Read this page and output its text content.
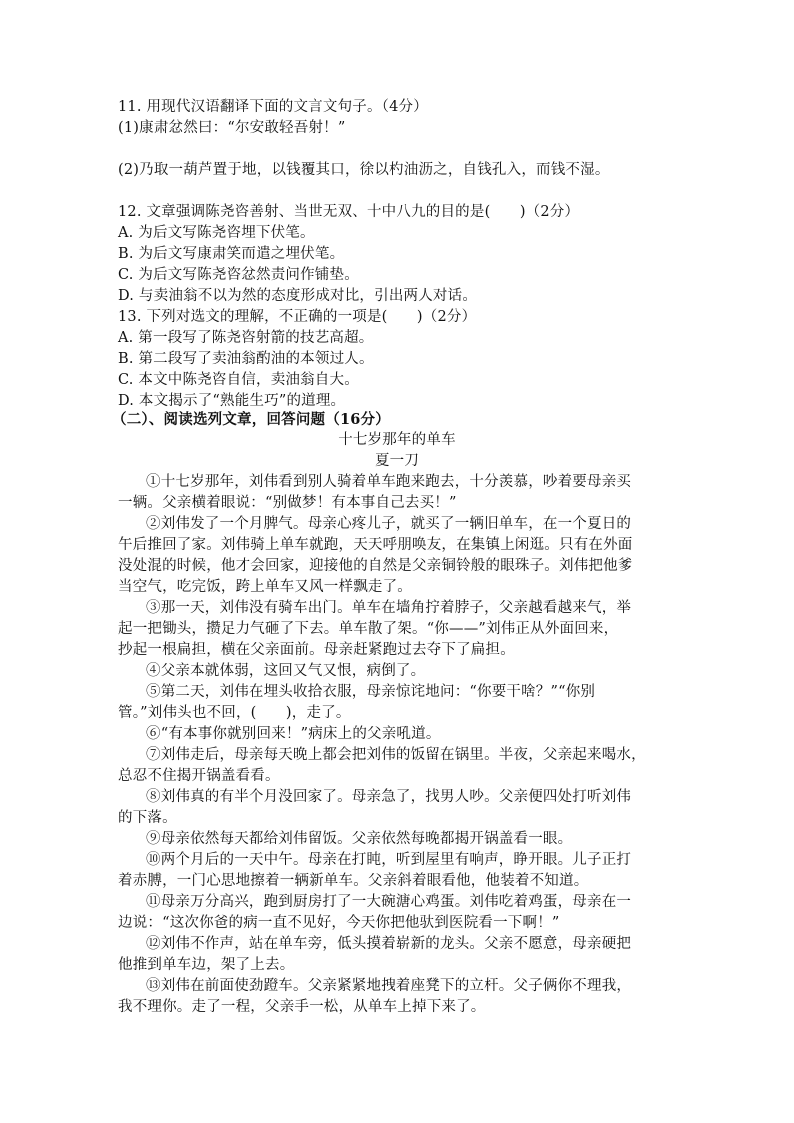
11. 用现代汉语翻译下面的文言文句子。（4分）
(1)康肃忿然曰：“尔安敢轻吾射！”
(2)乃取一葫芦置于地，以钱覆其口，徐以杓油沥之，自钱孔入，而钱不湿。
12. 文章强调陈尧咨善射、当世无双、十中八九的目的是(　　)（2分）
A. 为后文写陈尧咨埋下伏笔。
B. 为后文写康肃笑而遣之埋伏笔。
C. 为后文写陈尧咨忿然责问作铺垫。
D. 与卖油翁不以为然的态度形成对比，引出两人对话。
13. 下列对选文的理解，不正确的一项是(　　)（2分）
A. 第一段写了陈尧咨射箭的技艺高超。
B. 第二段写了卖油翁酌油的本领过人。
C. 本文中陈尧咨自信，卖油翁自大。
D. 本文揭示了“熟能生巧”的道理。
（二）、阅读选列文章，回答问题（16分）
十七岁那年的单车
夏一刀
①十七岁那年，刘伟看到别人骑着单车跑来跑去，十分羡慕，吵着要母亲买
一辆。父亲横着眼说：“别做梦！有本事自己去买！”
②刘伟发了一个月脾气。母亲心疼儿子，就买了一辆旧单车，在一个夏日的
午后推回了家。刘伟骑上单车就跑，天天呼朋唤友，在集镇上闲逛。只有在外面
没处混的时候，他才会回家，迎接他的自然是父亲铜铃般的眼珠子。刘伟把他爹
当空气，吃完饭，跨上单车又风一样飘走了。
③那一天，刘伟没有骑车出门。单车在墙角拧着脖子，父亲越看越来气，举
起一把锄头，攒足力气砸了下去。单车散了架。“你——”刘伟正从外面回来，
抄起一根扁担，横在父亲面前。母亲赶紧跑过去夺下了扁担。
④父亲本就体弱，这回又气又恨，病倒了。
⑤第二天，刘伟在埋头收拾衣服，母亲惊诧地问：“你要干啥？”“你别
管。”刘伟头也不回，(　　)，走了。
⑥“有本事你就别回来！”病床上的父亲吼道。
⑦刘伟走后，母亲每天晚上都会把刘伟的饭留在锅里。半夜，父亲起来喝水，
总忍不住揭开锅盖看看。
⑧刘伟真的有半个月没回家了。母亲急了，找男人吵。父亲便四处打听刘伟
的下落。
⑨母亲依然每天都给刘伟留饭。父亲依然每晚都揭开锅盖看一眼。
⑩两个月后的一天中午。母亲在打盹，听到屋里有响声，睁开眼。儿子正打
着赤膊，一门心思地擦着一辆新单车。父亲斜着眼看他，他装着不知道。
⑪母亲万分高兴，跑到厨房打了一大碗溏心鸡蛋。刘伟吃着鸡蛋，母亲在一
边说：“这次你爸的病一直不见好，今天你把他驮到医院看一下啊！”
⑫刘伟不作声，站在单车旁，低头摸着崭新的龙头。父亲不愿意，母亲硬把
他推到单车边，架了上去。
⑬刘伟在前面使劲蹬车。父亲紧紧地拽着座凳下的立杆。父子俩你不理我，
我不理你。走了一程，父亲手一松，从单车上掉下来了。
